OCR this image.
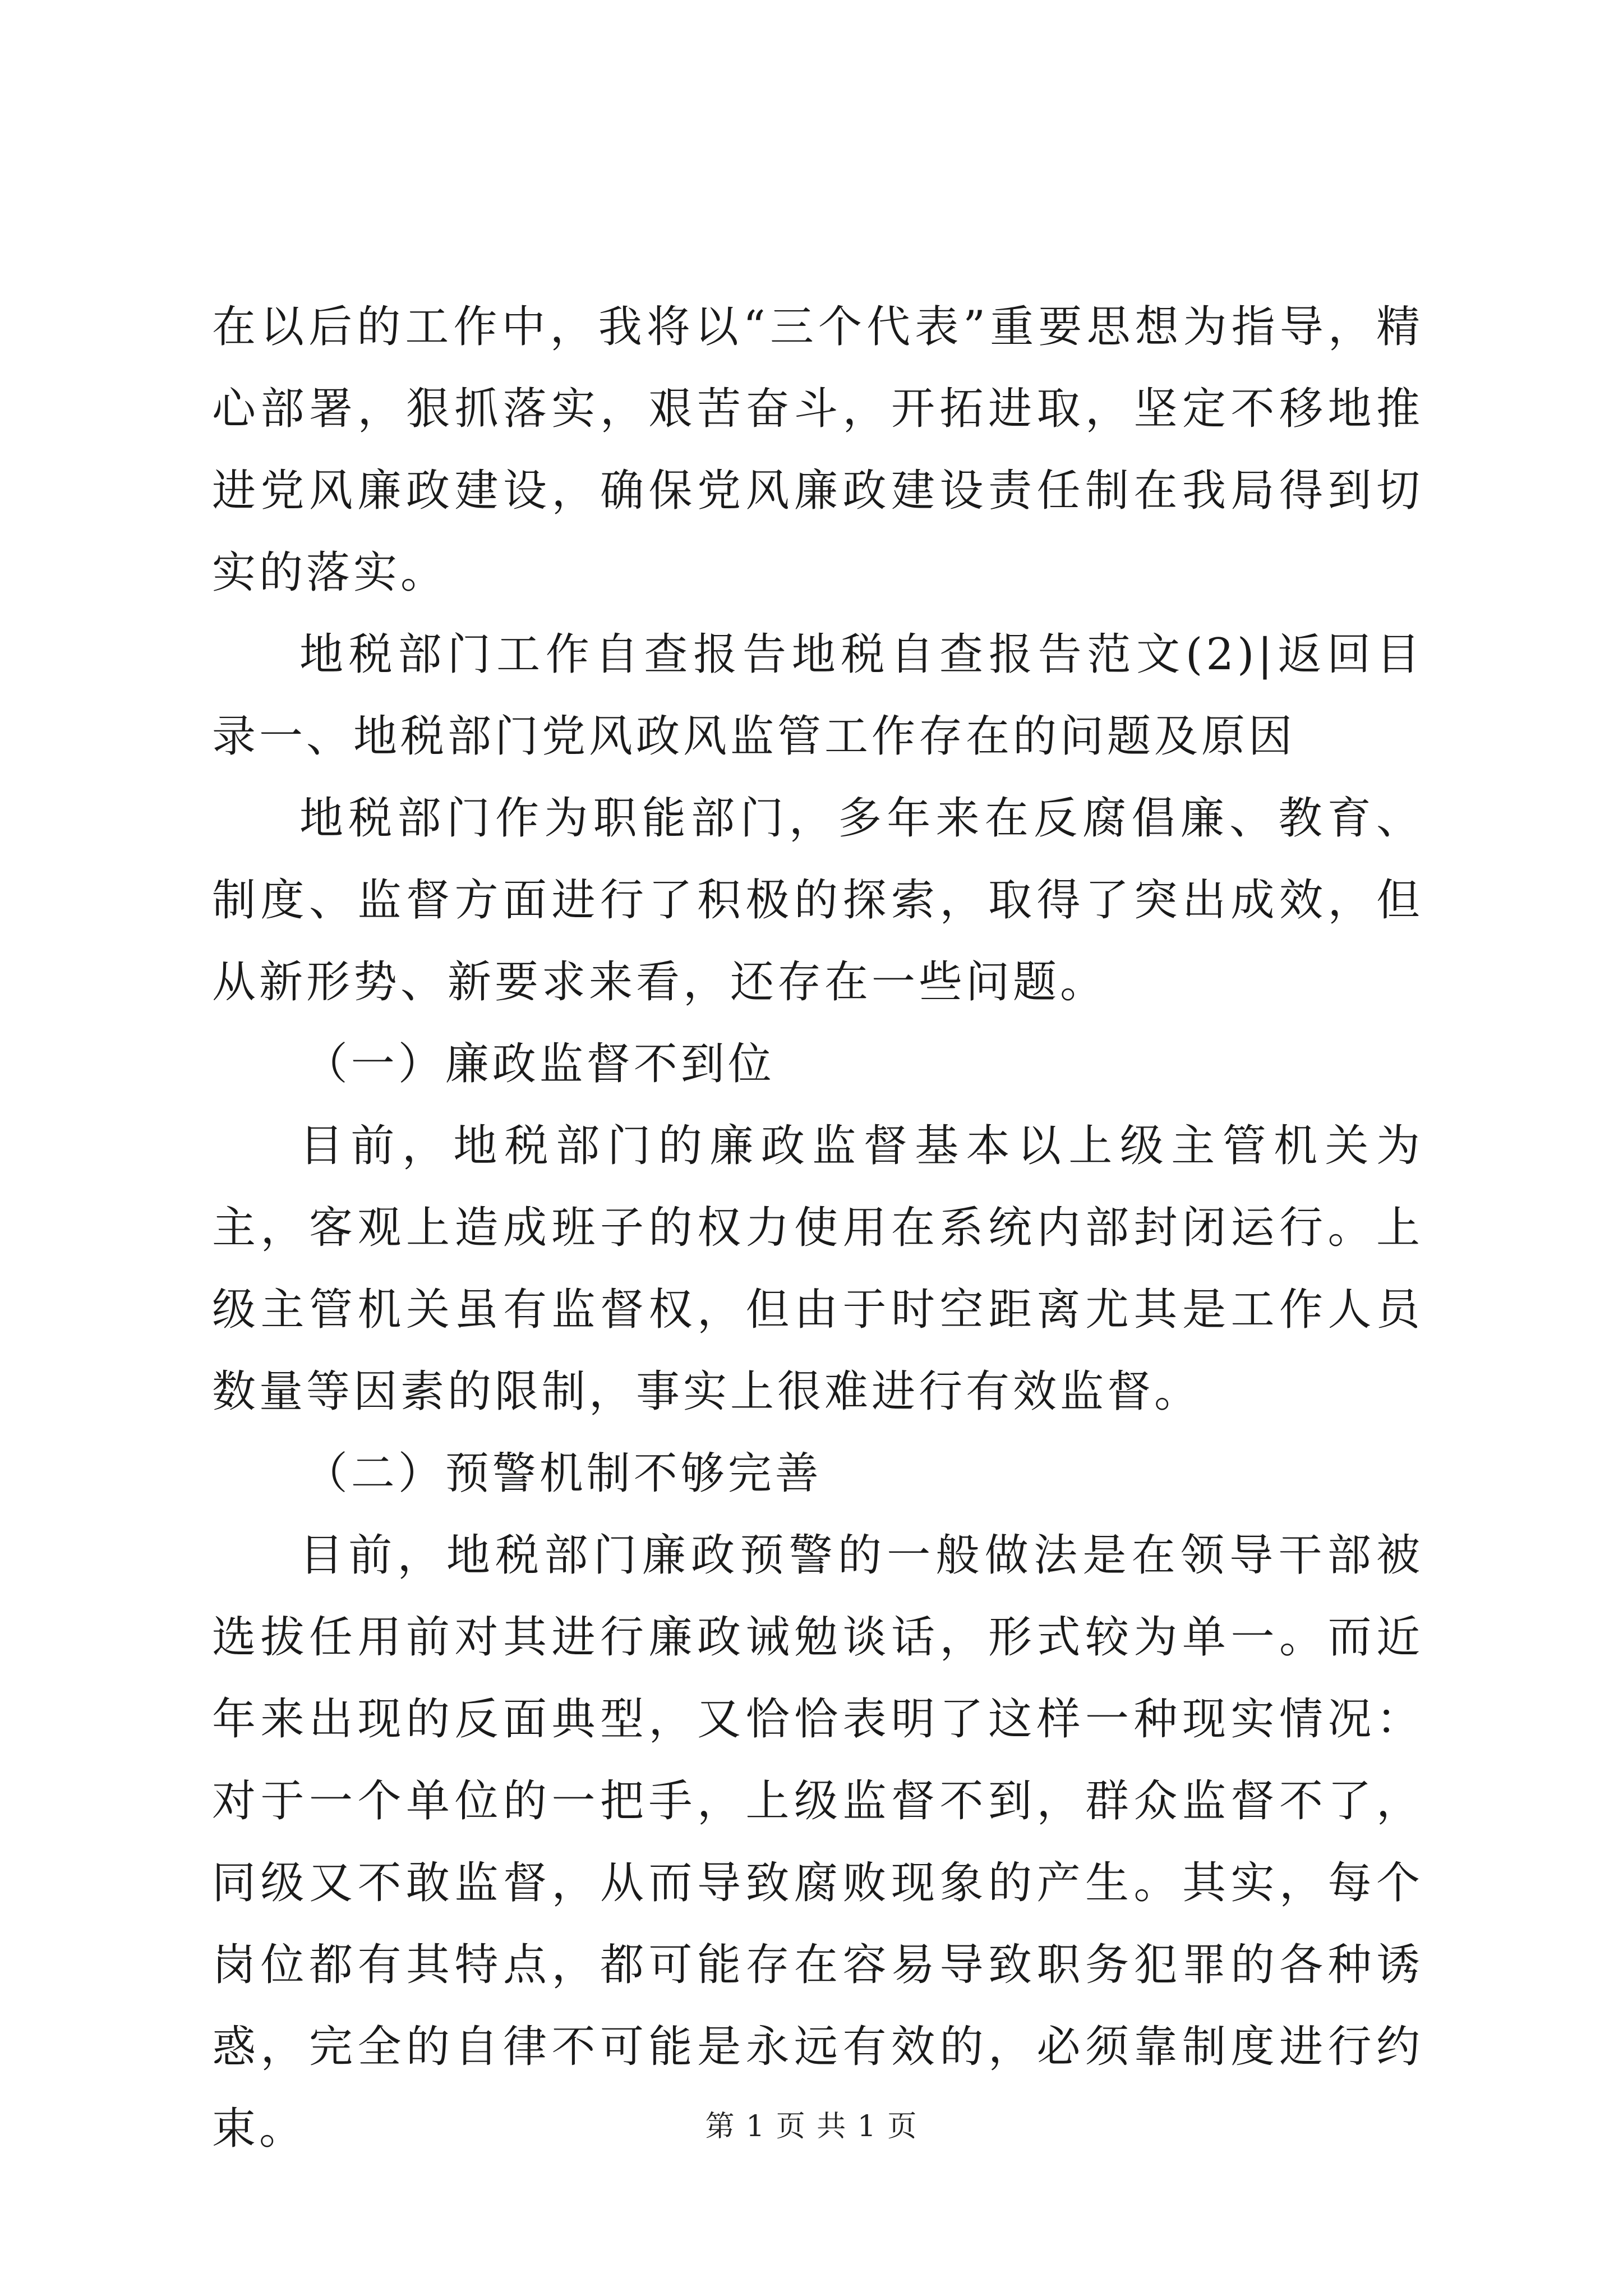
在以后的工作中，我将以“三个代表”重要思想为指导，精心部署，狠抓落实，艰苦奋斗，开拓进取，坚定不移地推进党风廉政建设，确保党风廉政建设责任制在我局得到切实的落实。

地税部门工作自查报告地税自查报告范文(2)|返回目录一、地税部门党风政风监管工作存在的问题及原因

地税部门作为职能部门，多年来在反腐倡廉、教育、制度、监督方面进行了积极的探索，取得了突出成效，但从新形势、新要求来看，还存在一些问题。

（一）廉政监督不到位

目前，地税部门的廉政监督基本以上级主管机关为主，客观上造成班子的权力使用在系统内部封闭运行。上级主管机关虽有监督权，但由于时空距离尤其是工作人员数量等因素的限制，事实上很难进行有效监督。

（二）预警机制不够完善

目前，地税部门廉政预警的一般做法是在领导干部被选拔任用前对其进行廉政诫勉谈话，形式较为单一。而近年来出现的反面典型，又恰恰表明了这样一种现实情况：对于一个单位的一把手，上级监督不到，群众监督不了，同级又不敢监督，从而导致腐败现象的产生。其实，每个岗位都有其特点，都可能存在容易导致职务犯罪的各种诱惑，完全的自律不可能是永远有效的，必须靠制度进行约束。	第 1 页 共 1 页
